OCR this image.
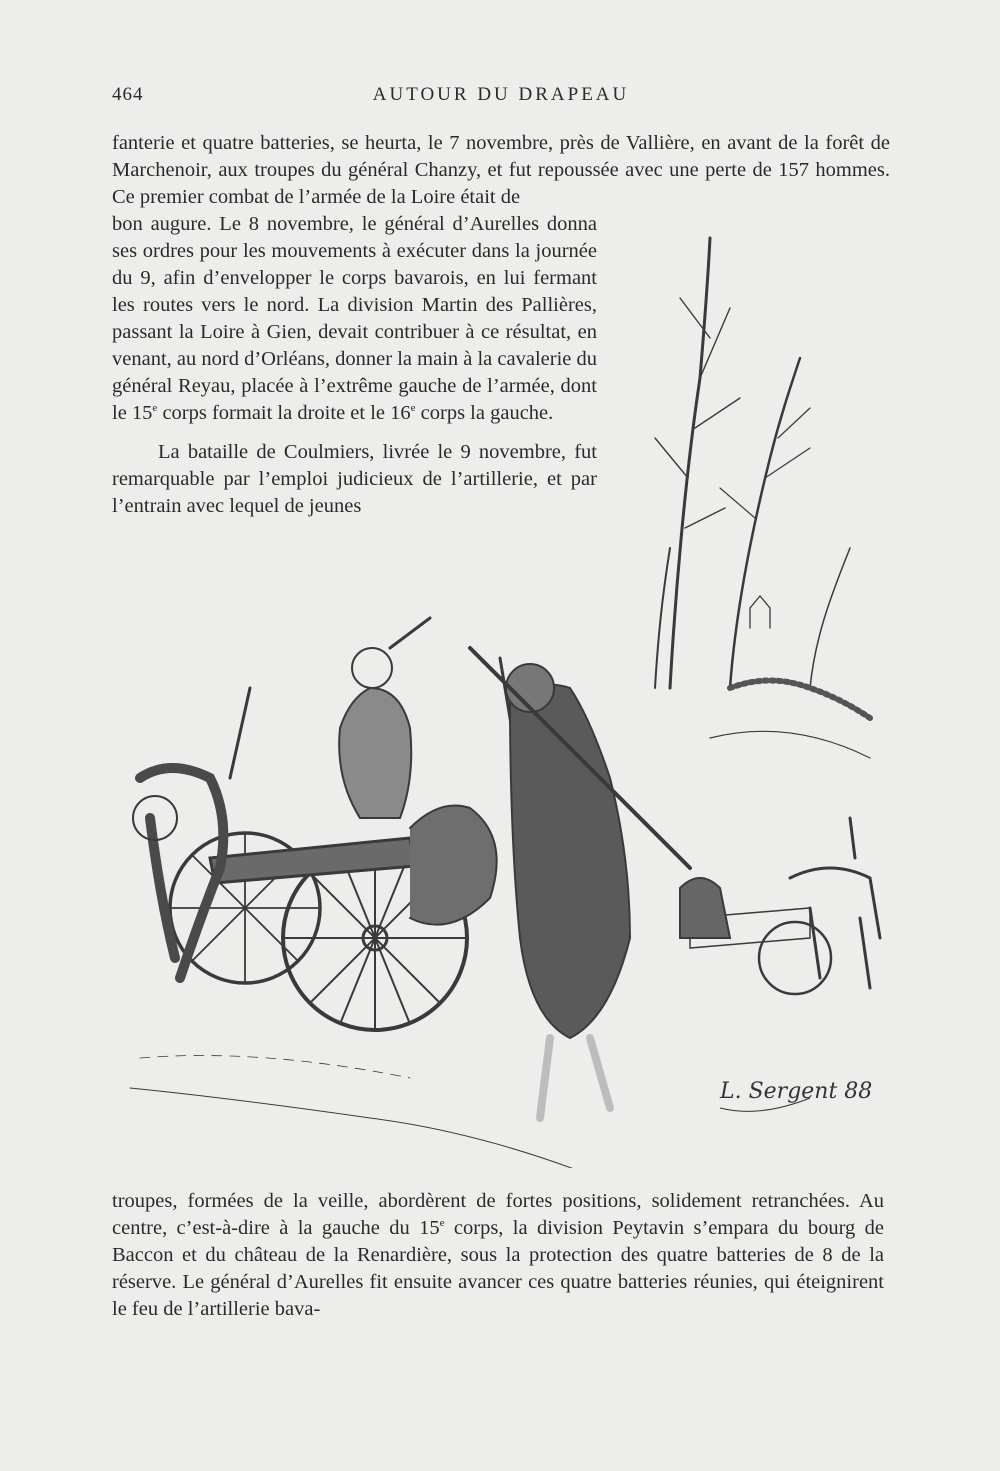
464	AUTOUR DU DRAPEAU

fanterie et quatre batteries, se heurta, le 7 novembre, près de Vallière, en avant de la forêt de Marchenoir, aux troupes du général Chanzy, et fut repoussée avec une perte de 157 hommes. Ce premier combat de l’armée de la Loire était de

bon augure. Le 8 novembre, le général d’Aurelles donna ses ordres pour les mouvements à exécuter dans la journée du 9, afin d’envelopper le corps bavarois, en lui fermant les routes vers le nord. La division Martin des Pallières, passant la Loire à Gien, devait contribuer à ce résultat, en venant, au nord d’Orléans, donner la main à la cavalerie du général Reyau, placée à l’extrême gauche de l’armée, dont le 15e corps formait la droite et le 16e corps la gauche.

La bataille de Coulmiers, livrée le 9 novembre, fut remarquable par l’emploi judicieux de l’artillerie, et par l’entrain avec lequel de jeunes

L. Sergent 88

troupes, formées de la veille, abordèrent de fortes positions, solidement retranchées. Au centre, c’est-à-dire à la gauche du 15e corps, la division Peytavin s’empara du bourg de Baccon et du château de la Renardière, sous la protection des quatre batteries de 8 de la réserve. Le général d’Aurelles fit ensuite avancer ces quatre batteries réunies, qui éteignirent le feu de l’artillerie bava-
